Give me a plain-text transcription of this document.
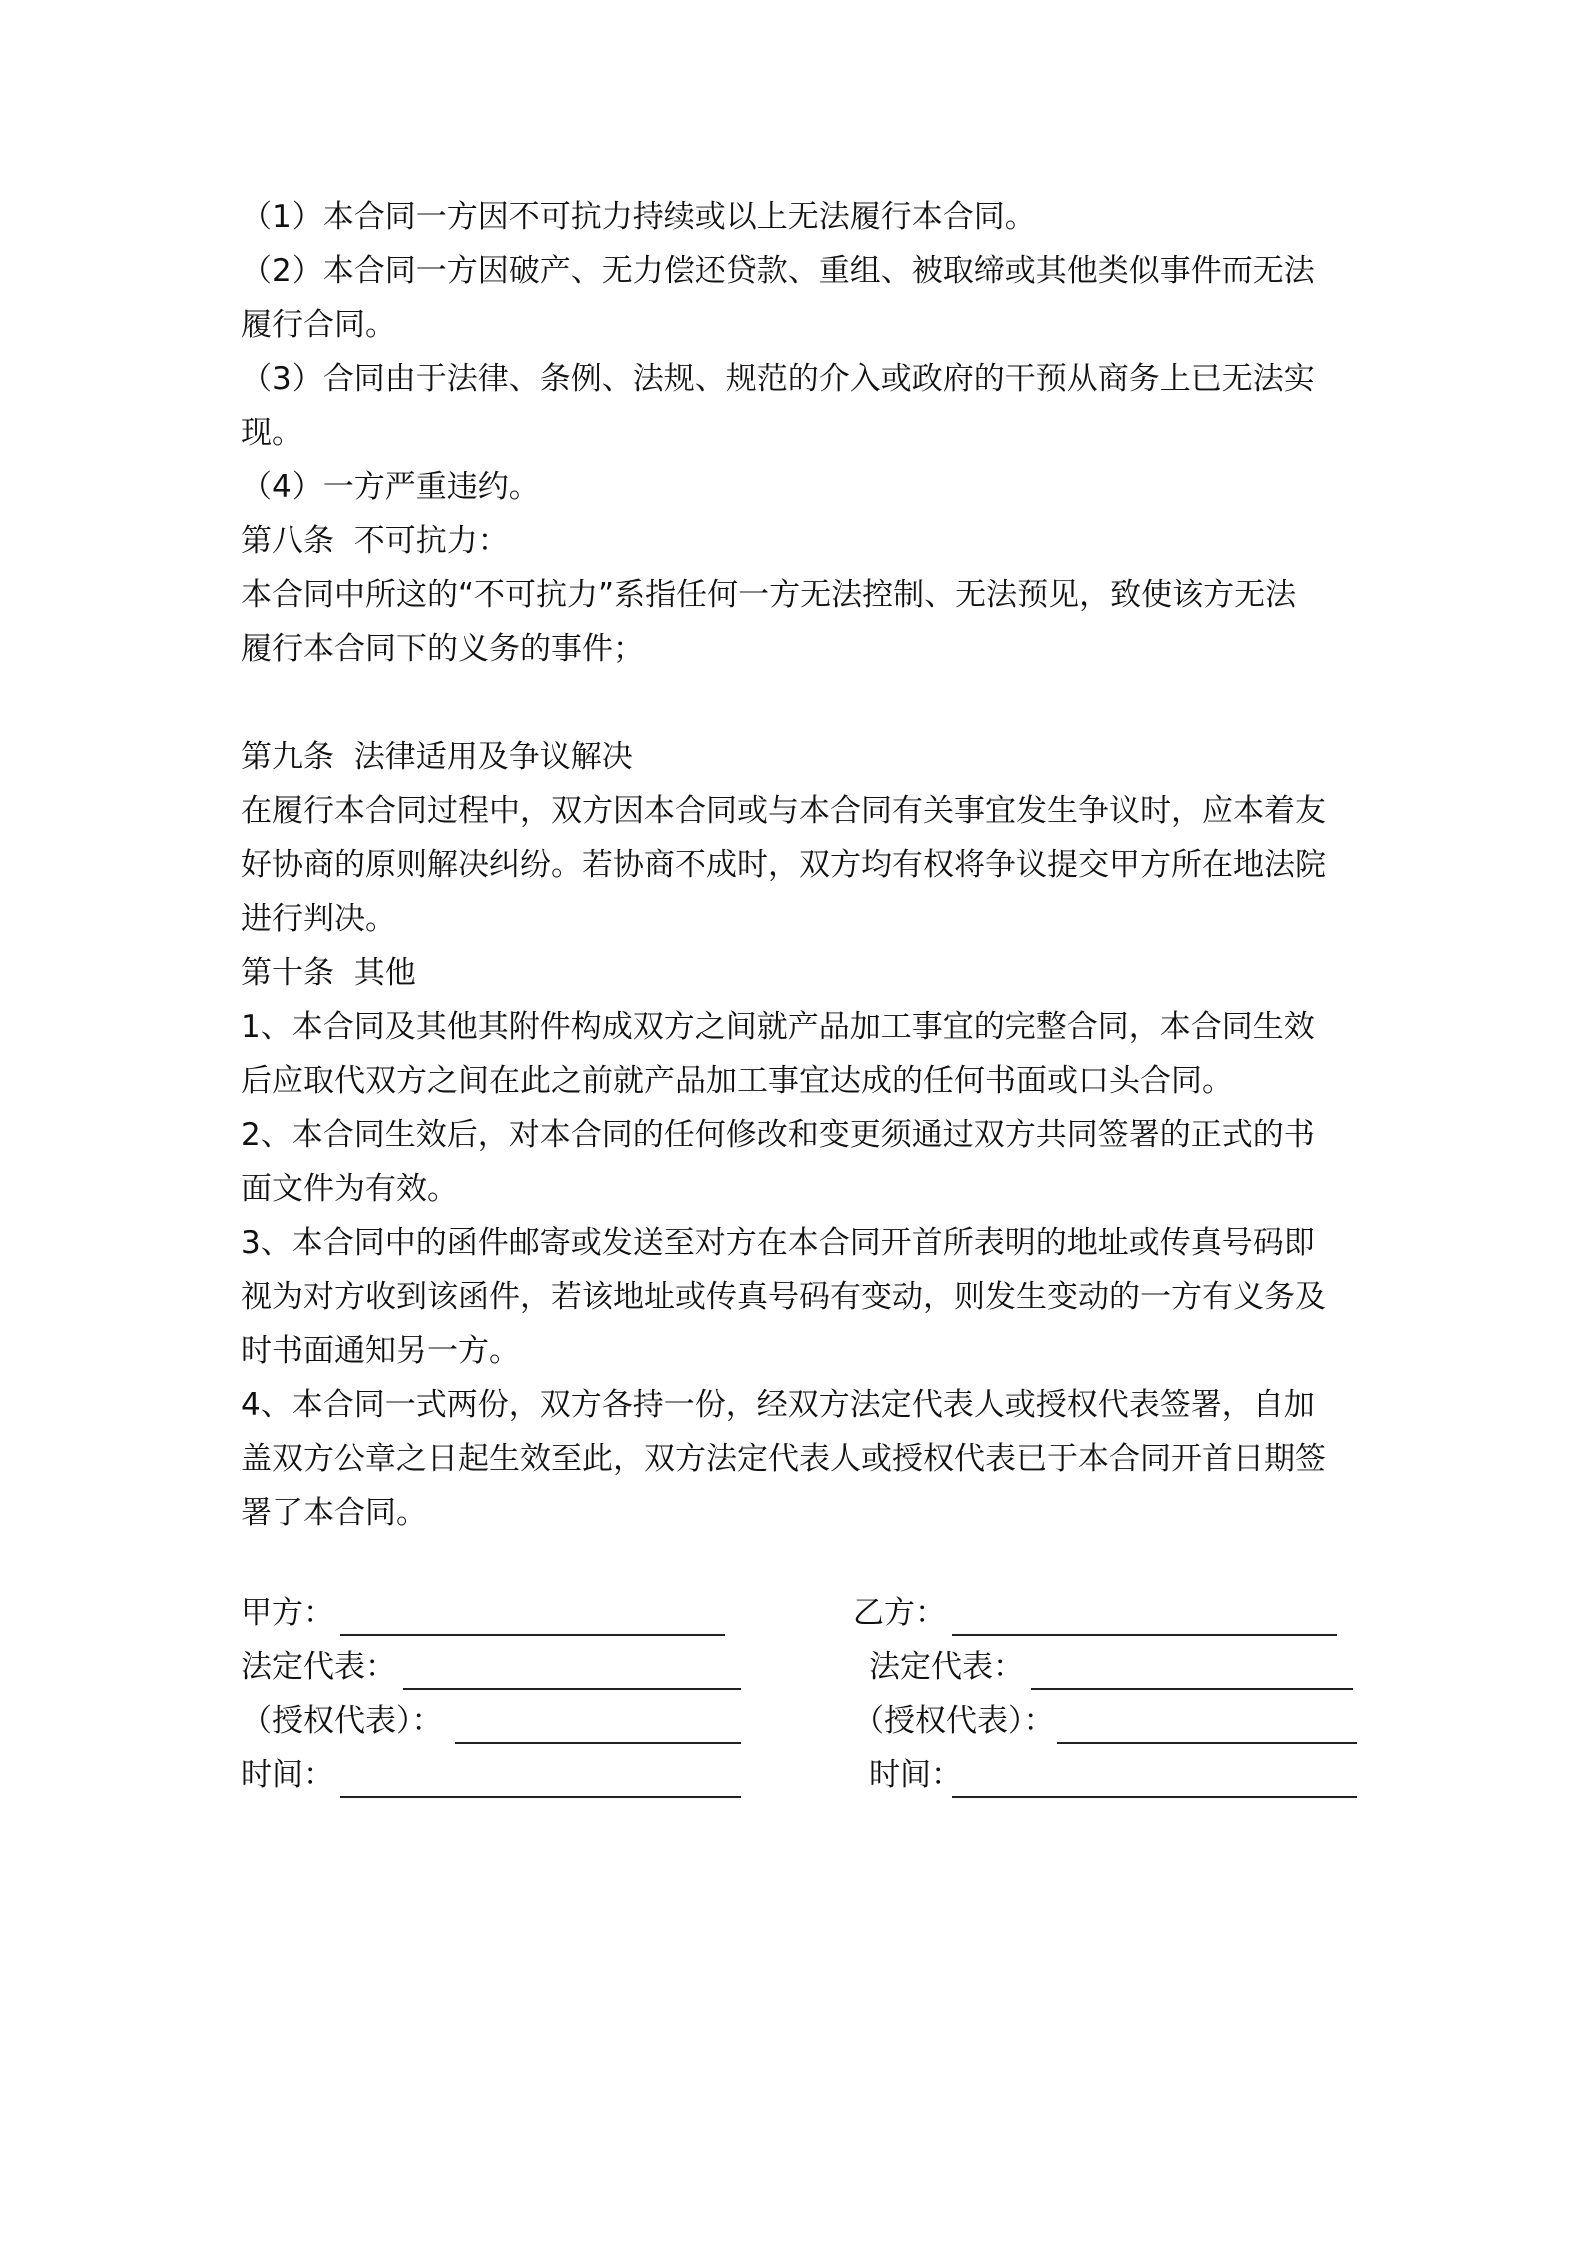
（1）本合同一方因不可抗力持续或以上无法履行本合同。
（2）本合同一方因破产、无力偿还贷款、重组、被取缔或其他类似事件而无法
履行合同。
（3）合同由于法律、条例、法规、规范的介入或政府的干预从商务上已无法实
现。
（4）一方严重违约。
第八条  不可抗力：
本合同中所这的“不可抗力”系指任何一方无法控制、无法预见，致使该方无法
履行本合同下的义务的事件；
第九条  法律适用及争议解决
在履行本合同过程中，双方因本合同或与本合同有关事宜发生争议时，应本着友
好协商的原则解决纠纷。若协商不成时，双方均有权将争议提交甲方所在地法院
进行判决。
第十条  其他
1、本合同及其他其附件构成双方之间就产品加工事宜的完整合同，本合同生效
后应取代双方之间在此之前就产品加工事宜达成的任何书面或口头合同。
2、本合同生效后，对本合同的任何修改和变更须通过双方共同签署的正式的书
面文件为有效。
3、本合同中的函件邮寄或发送至对方在本合同开首所表明的地址或传真号码即
视为对方收到该函件，若该地址或传真号码有变动，则发生变动的一方有义务及
时书面通知另一方。
4、本合同一式两份，双方各持一份，经双方法定代表人或授权代表签署，自加
盖双方公章之日起生效至此，双方法定代表人或授权代表已于本合同开首日期签
署了本合同。
甲方：
法定代表：
（授权代表）：
时间：
乙方：
法定代表：
（授权代表）：
时间：
